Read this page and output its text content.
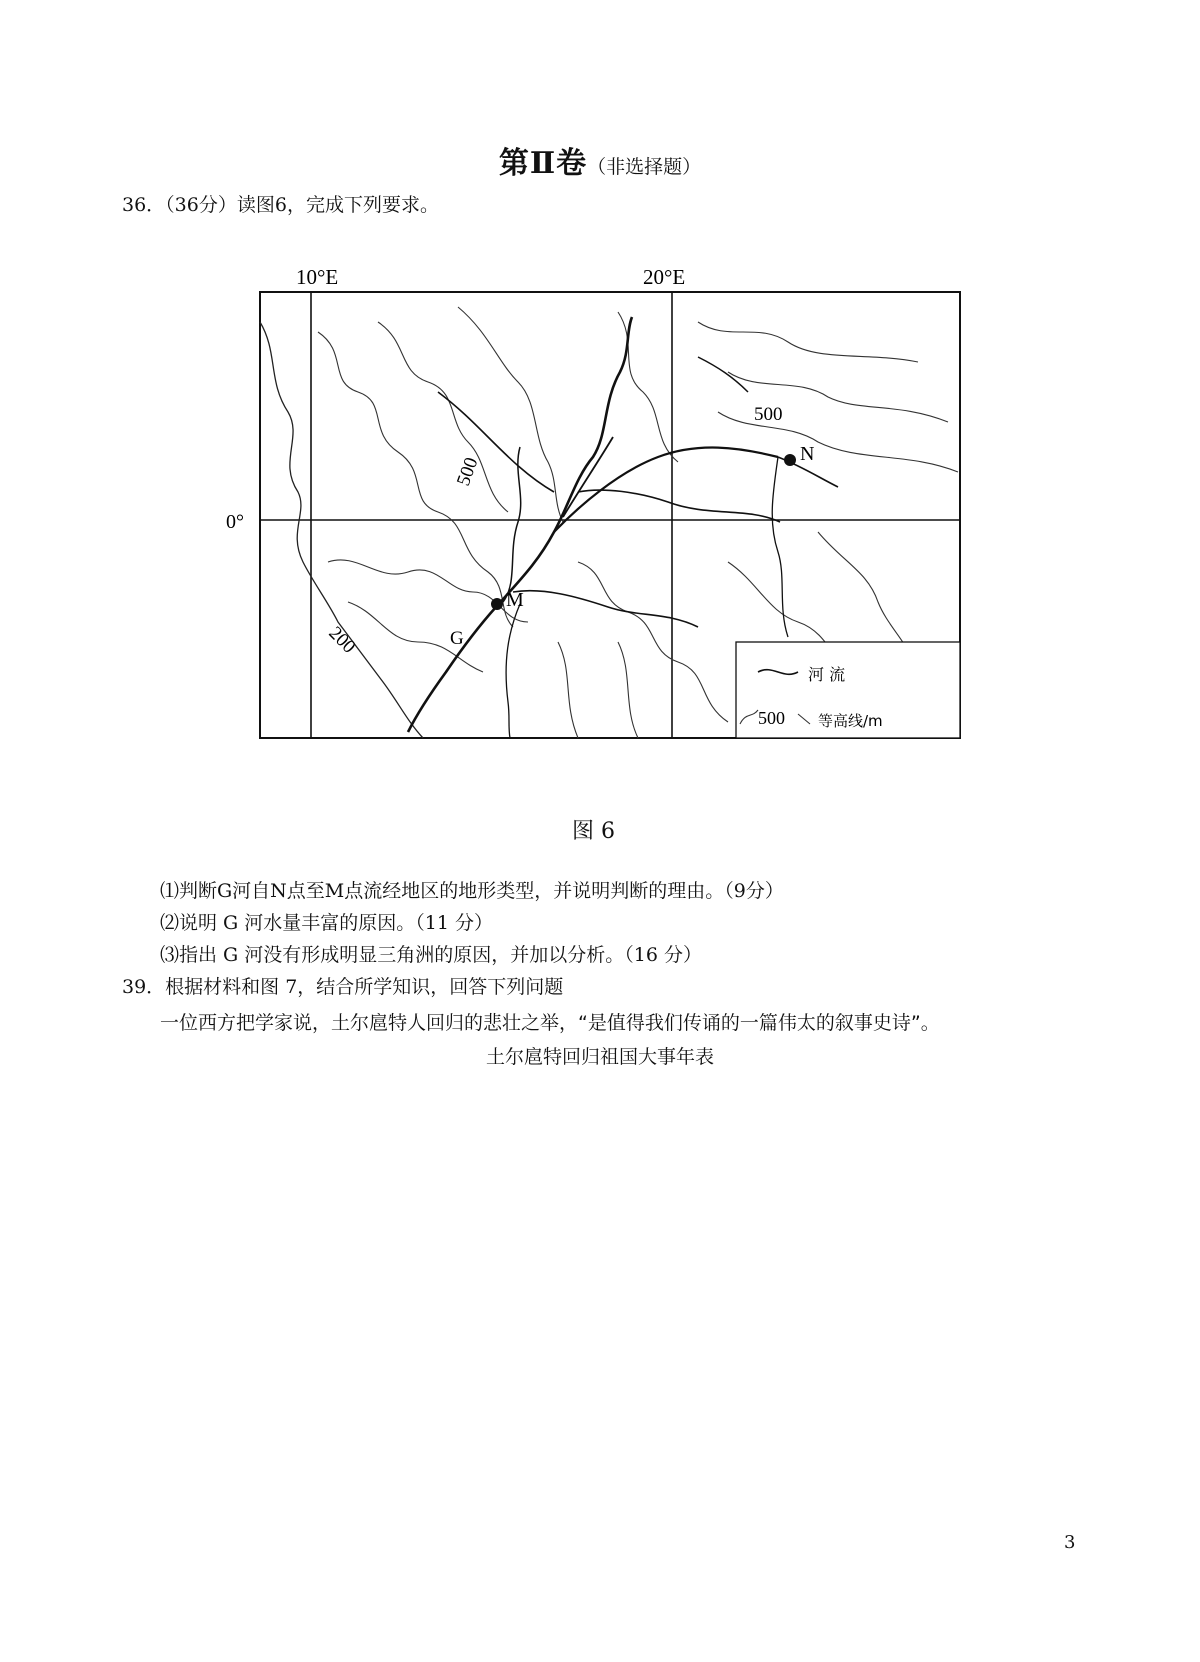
第Ⅱ卷（非选择题）
36．（36分）读图6，完成下列要求。
10°E	20°E
0°
500
500
200
N
M
G
河 流
500 等高线/m
图 6
⑴判断G河自N点至M点流经地区的地形类型，并说明判断的理由。（9分）
⑵说明 G 河水量丰富的原因。（11 分）
⑶指出 G 河没有形成明显三角洲的原因，并加以分析。（16 分）
39．根据材料和图 7，结合所学知识，回答下列问题
一位西方把学家说，土尔扈特人回归的悲壮之举，“是值得我们传诵的一篇伟太的叙事史诗”。
土尔扈特回归祖国大事年表
3
